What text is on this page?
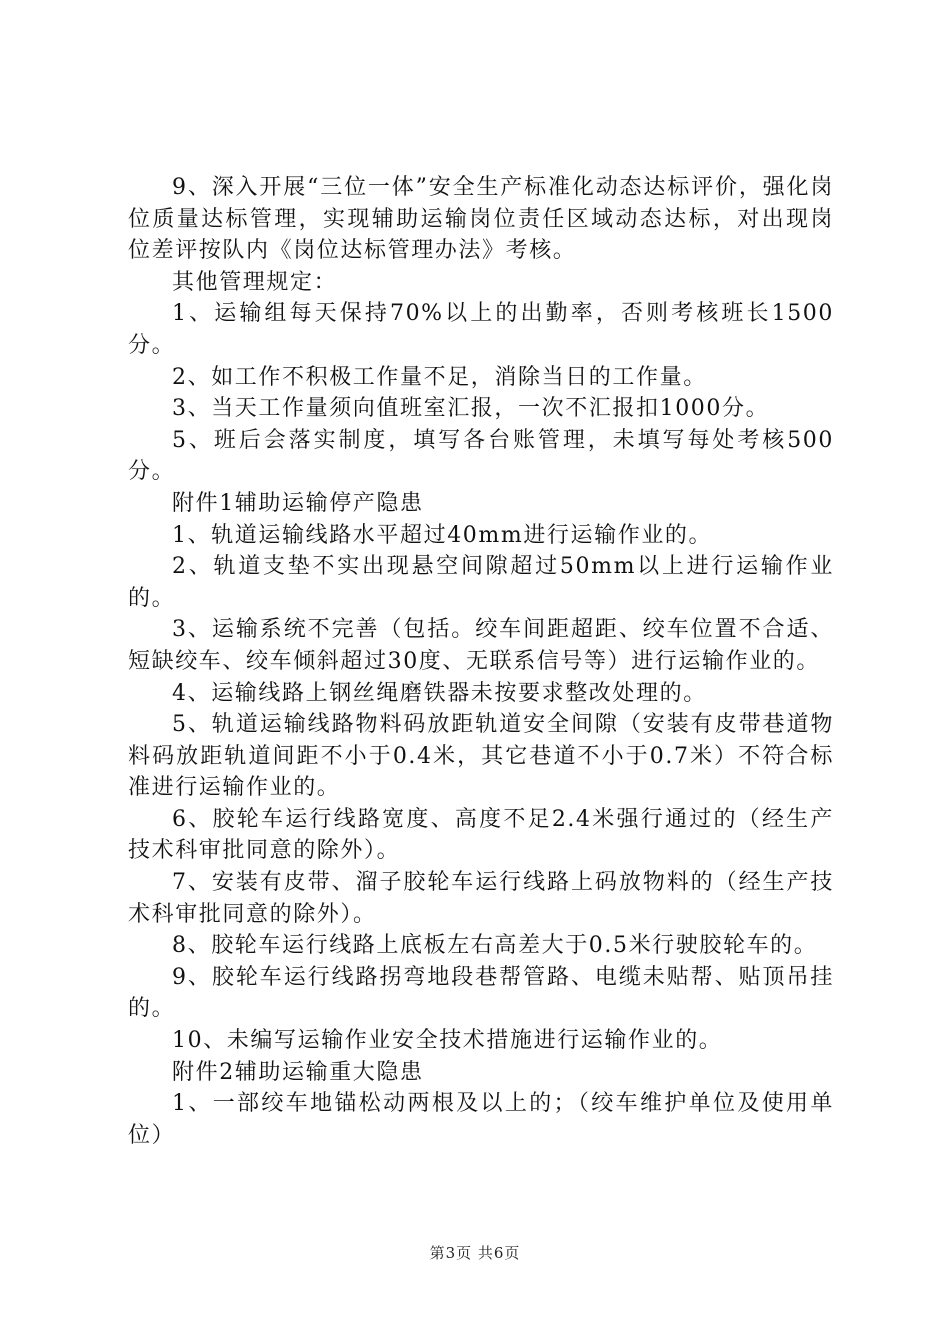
9、深入开展“三位一体”安全生产标准化动态达标评价，强化岗位质量达标管理，实现辅助运输岗位责任区域动态达标，对出现岗位差评按队内《岗位达标管理办法》考核。

其他管理规定：

1、运输组每天保持70%以上的出勤率，否则考核班长1500分。

2、如工作不积极工作量不足，消除当日的工作量。

3、当天工作量须向值班室汇报，一次不汇报扣1000分。

5、班后会落实制度，填写各台账管理，未填写每处考核500分。

附件1辅助运输停产隐患

1、轨道运输线路水平超过40mm进行运输作业的。

2、轨道支垫不实出现悬空间隙超过50mm以上进行运输作业的。

3、运输系统不完善（包括。绞车间距超距、绞车位置不合适、短缺绞车、绞车倾斜超过30度、无联系信号等）进行运输作业的。

4、运输线路上钢丝绳磨铁器未按要求整改处理的。

5、轨道运输线路物料码放距轨道安全间隙（安装有皮带巷道物料码放距轨道间距不小于0.4米，其它巷道不小于0.7米）不符合标准进行运输作业的。

6、胶轮车运行线路宽度、高度不足2.4米强行通过的（经生产技术科审批同意的除外）。

7、安装有皮带、溜子胶轮车运行线路上码放物料的（经生产技术科审批同意的除外）。

8、胶轮车运行线路上底板左右高差大于0.5米行驶胶轮车的。

9、胶轮车运行线路拐弯地段巷帮管路、电缆未贴帮、贴顶吊挂的。

10、未编写运输作业安全技术措施进行运输作业的。

附件2辅助运输重大隐患

1、一部绞车地锚松动两根及以上的；（绞车维护单位及使用单位）

第3页 共6页
